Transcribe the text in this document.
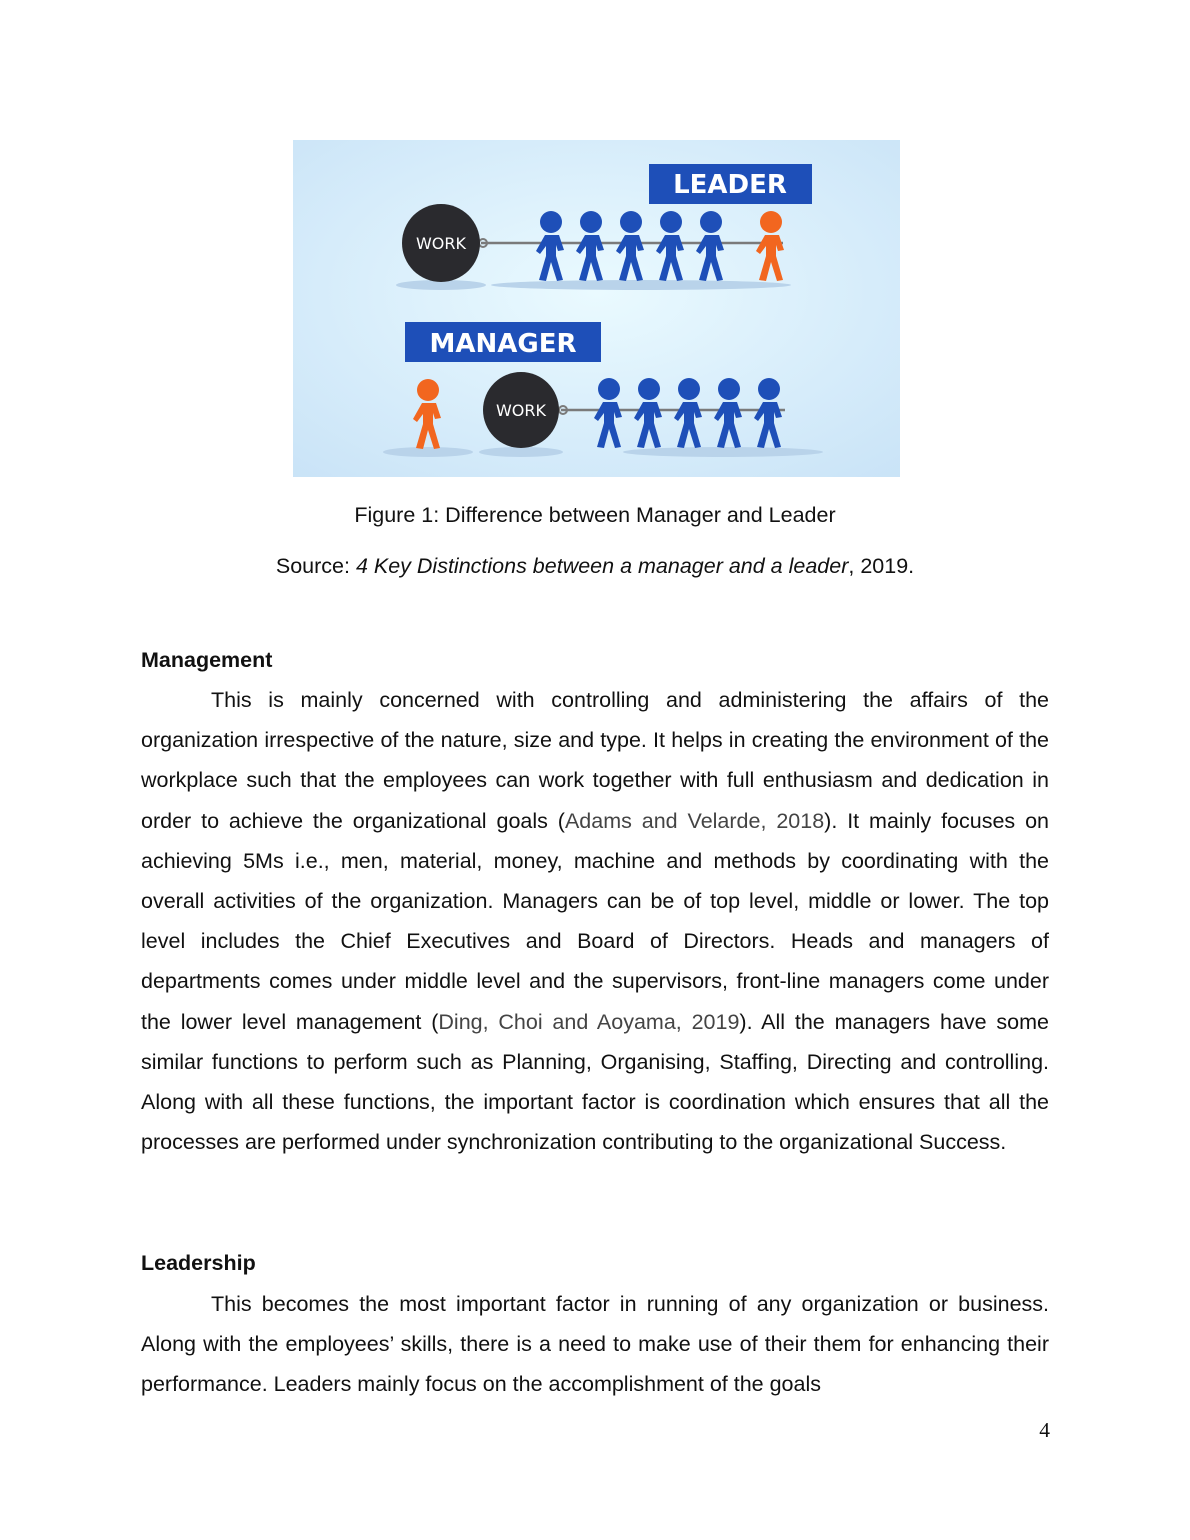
LEADER
WORK
MANAGER
WORK
Figure 1: Difference between Manager and Leader
Source: 4 Key Distinctions between a manager and a leader, 2019.
Management

This is mainly concerned with controlling and administering the affairs of the organization irrespective of the nature, size and type. It helps in creating the environment of the workplace such that the employees can work together with full enthusiasm and dedication in order to achieve the organizational goals (Adams and Velarde, 2018). It mainly focuses on achieving 5Ms i.e., men, material, money, machine and methods by coordinating with the overall activities of the organization. Managers can be of top level, middle or lower. The top level includes the Chief Executives and Board of Directors. Heads and managers of departments comes under middle level and the supervisors, front-line managers come under the lower level management (Ding, Choi and Aoyama, 2019). All the managers have some similar functions to perform such as Planning, Organising, Staffing, Directing and controlling. Along with all these functions, the important factor is coordination which ensures that all the processes are performed under synchronization contributing to the organizational Success.

Leadership

This becomes the most important factor in running of any organization or business. Along with the employees’ skills, there is a need to make use of their them for enhancing their performance. Leaders mainly focus on the accomplishment of the goals

4
